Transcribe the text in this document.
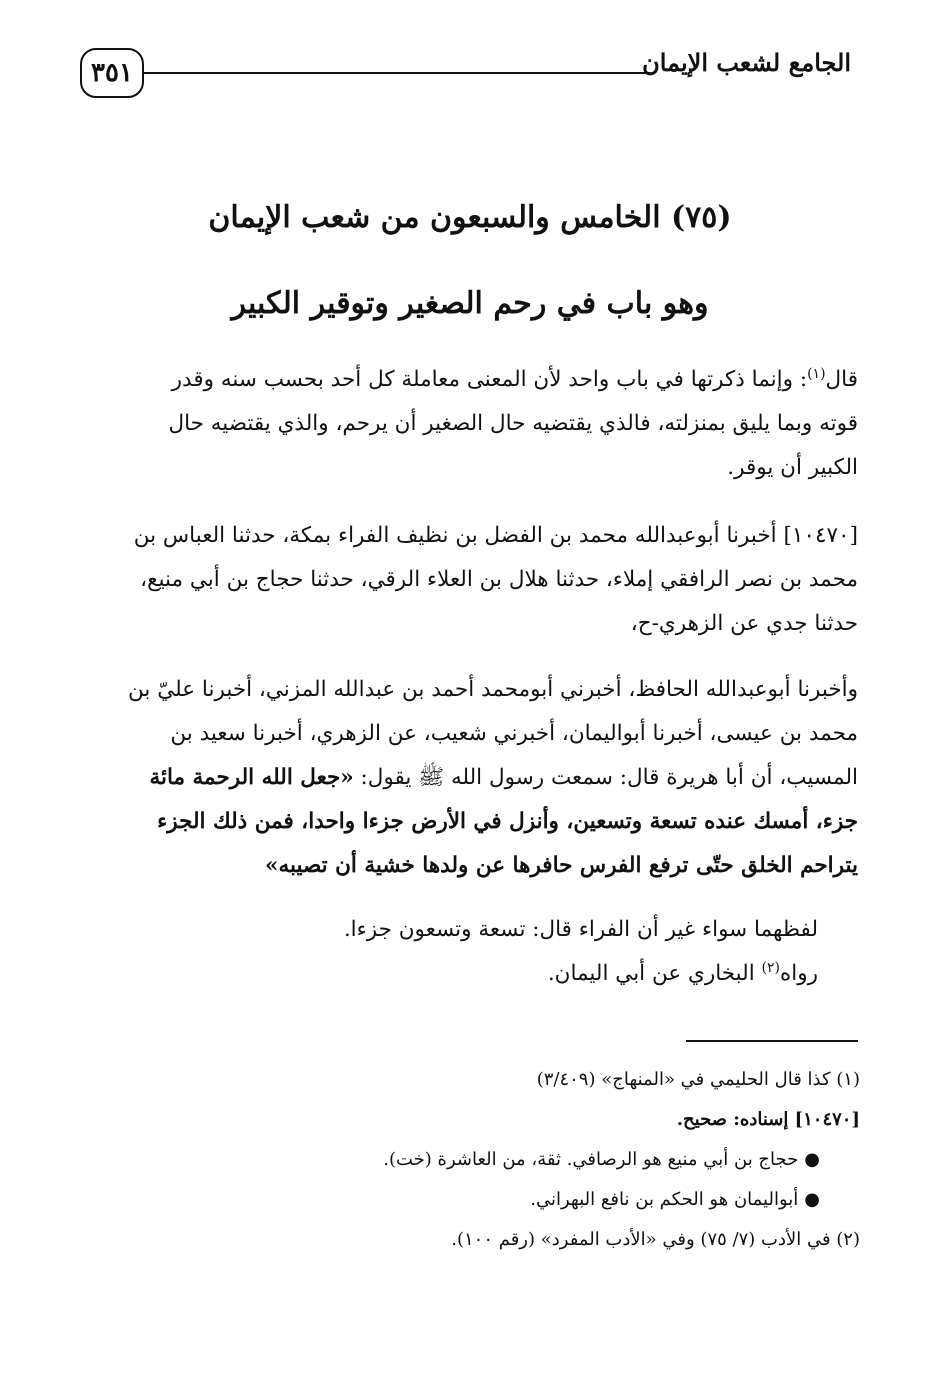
٣٥١	الجامع لشعب الإيمان
(٧٥) الخامس والسبعون من شعب الإيمان
وهو باب في رحم الصغير وتوقير الكبير
قال$^{(١)}$: وإنما ذكرتها في باب واحد لأن المعنى معاملة كل أحد بحسب سنه وقدر
قوته وبما يليق بمنزلته، فالذي يقتضيه حال الصغير أن يرحم، والذي يقتضيه حال
الكبير أن يوقر.
[١٠٤٧٠] أخبرنا أبوعبدالله محمد بن الفضل بن نظيف الفراء بمكة، حدثنا العباس بن
محمد بن نصر الرافقي إملاء، حدثنا هلال بن العلاء الرقي، حدثنا حجاج بن أبي منيع،
حدثنا جدي عن الزهري-ح،
وأخبرنا أبوعبدالله الحافظ، أخبرني أبومحمد أحمد بن عبدالله المزني، أخبرنا عليّ بن
محمد بن عيسى، أخبرنا أبواليمان، أخبرني شعيب، عن الزهري، أخبرنا سعيد بن
المسيب، أن أبا هريرة قال: سمعت رسول الله ﷺ يقول: «جعل الله الرحمة مائة
جزء، أمسك عنده تسعة وتسعين، وأنزل في الأرض جزءا واحدا، فمن ذلك الجزء
يتراحم الخلق حتّى ترفع الفرس حافرها عن ولدها خشية أن تصيبه»
لفظهما سواء غير أن الفراء قال: تسعة وتسعون جزءا.
رواه$^{(٢)}$ البخاري عن أبي اليمان.
(١) كذا قال الحليمي في «المنهاج» (٣/٤٠٩)
[١٠٤٧٠] إسناده: صحيح.
●حجاج بن أبي منيع هو الرصافي. ثقة، من العاشرة (خت).
●أبواليمان هو الحكم بن نافع البهراني.
(٢) في الأدب (٧/ ٧٥) وفي «الأدب المفرد» (رقم ١٠٠).
